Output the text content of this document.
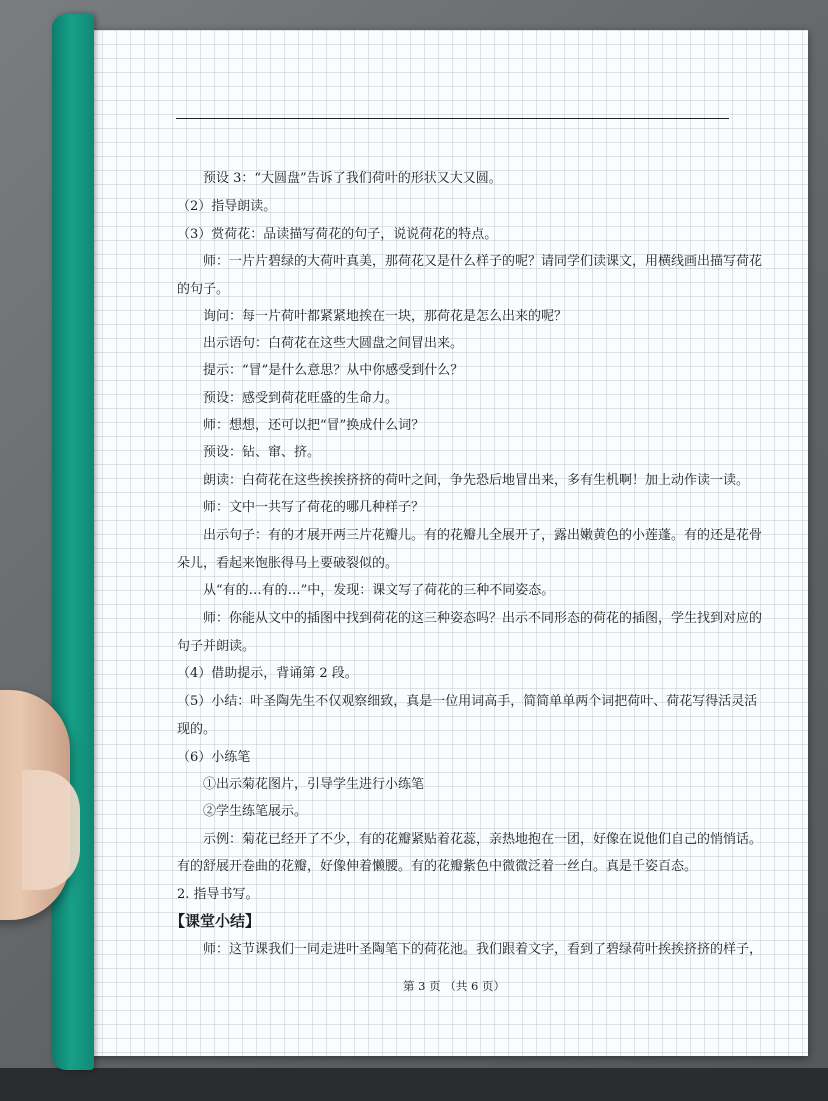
预设 3：“大圆盘”告诉了我们荷叶的形状又大又圆。
（2）指导朗读。
（3）赏荷花：品读描写荷花的句子，说说荷花的特点。
师：一片片碧绿的大荷叶真美，那荷花又是什么样子的呢？请同学们读课文，用横线画出描写荷花
的句子。
询问：每一片荷叶都紧紧地挨在一块，那荷花是怎么出来的呢？
出示语句：白荷花在这些大圆盘之间冒出来。
提示：“冒”是什么意思？从中你感受到什么？
预设：感受到荷花旺盛的生命力。
师：想想，还可以把“冒”换成什么词？
预设：钻、窜、挤。
朗读：白荷花在这些挨挨挤挤的荷叶之间，争先恐后地冒出来，多有生机啊！加上动作读一读。
师：文中一共写了荷花的哪几种样子？
出示句子：有的才展开两三片花瓣儿。有的花瓣儿全展开了，露出嫩黄色的小莲蓬。有的还是花骨
朵儿，看起来饱胀得马上要破裂似的。
从“有的…有的…”中，发现：课文写了荷花的三种不同姿态。
师：你能从文中的插图中找到荷花的这三种姿态吗？出示不同形态的荷花的插图，学生找到对应的
句子并朗读。
（4）借助提示，背诵第 2 段。
（5）小结：叶圣陶先生不仅观察细致，真是一位用词高手，简简单单两个词把荷叶、荷花写得活灵活
现的。
（6）小练笔
①出示菊花图片，引导学生进行小练笔
②学生练笔展示。
示例：菊花已经开了不少，有的花瓣紧贴着花蕊，亲热地抱在一团，好像在说他们自己的悄悄话。
有的舒展开卷曲的花瓣，好像伸着懒腰。有的花瓣紫色中微微泛着一丝白。真是千姿百态。
2. 指导书写。
【课堂小结】
师：这节课我们一同走进叶圣陶笔下的荷花池。我们跟着文字，看到了碧绿荷叶挨挨挤挤的样子，
第 3 页 （共 6 页）
